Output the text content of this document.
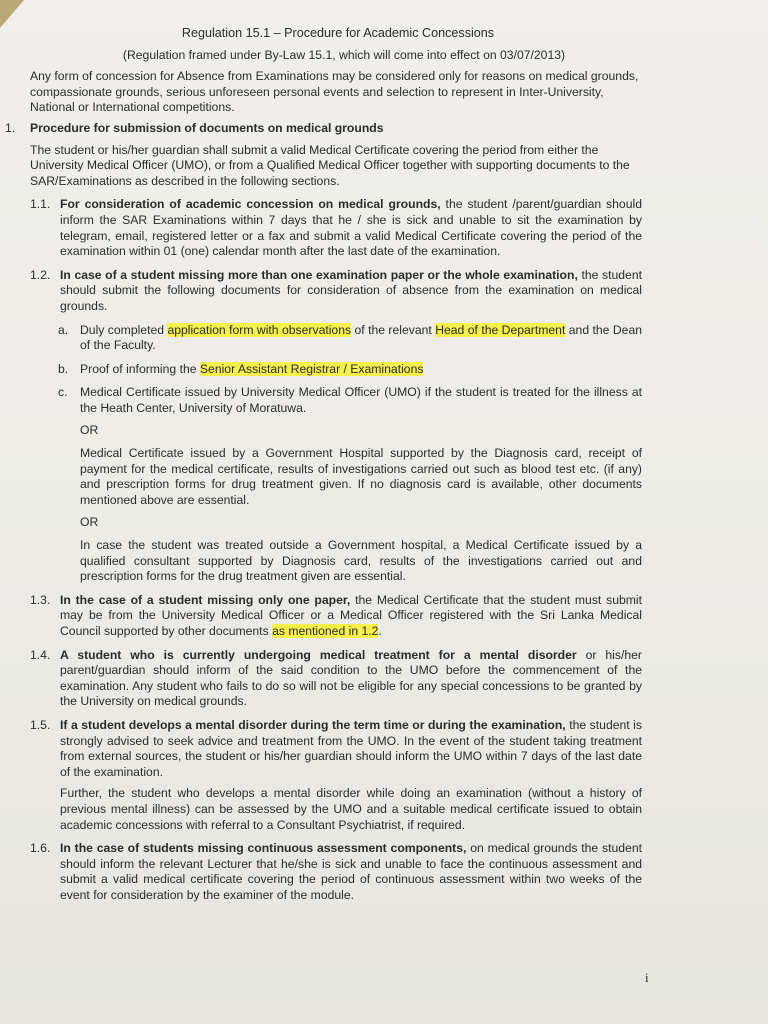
Regulation 15.1 – Procedure for Academic Concessions

(Regulation framed under By-Law 15.1, which will come into effect on 03/07/2013)

Any form of concession for Absence from Examinations may be considered only for reasons on medical grounds, compassionate grounds, serious unforeseen personal events and selection to represent in Inter-University, National or International competitions.

1. Procedure for submission of documents on medical grounds

The student or his/her guardian shall submit a valid Medical Certificate covering the period from either the University Medical Officer (UMO), or from a Qualified Medical Officer together with supporting documents to the SAR/Examinations as described in the following sections.

1.1. For consideration of academic concession on medical grounds, the student /parent/guardian should inform the SAR Examinations within 7 days that he / she is sick and unable to sit the examination by telegram, email, registered letter or a fax and submit a valid Medical Certificate covering the period of the examination within 01 (one) calendar month after the last date of the examination.

1.2. In case of a student missing more than one examination paper or the whole examination, the student should submit the following documents for consideration of absence from the examination on medical grounds.

a. Duly completed application form with observations of the relevant Head of the Department and the Dean of the Faculty.

b. Proof of informing the Senior Assistant Registrar / Examinations

c. Medical Certificate issued by University Medical Officer (UMO) if the student is treated for the illness at the Heath Center, University of Moratuwa.

OR

Medical Certificate issued by a Government Hospital supported by the Diagnosis card, receipt of payment for the medical certificate, results of investigations carried out such as blood test etc. (if any) and prescription forms for drug treatment given. If no diagnosis card is available, other documents mentioned above are essential.

OR

In case the student was treated outside a Government hospital, a Medical Certificate issued by a qualified consultant supported by Diagnosis card, results of the investigations carried out and prescription forms for the drug treatment given are essential.

1.3. In the case of a student missing only one paper, the Medical Certificate that the student must submit may be from the University Medical Officer or a Medical Officer registered with the Sri Lanka Medical Council supported by other documents as mentioned in 1.2.

1.4. A student who is currently undergoing medical treatment for a mental disorder or his/her parent/guardian should inform of the said condition to the UMO before the commencement of the examination. Any student who fails to do so will not be eligible for any special concessions to be granted by the University on medical grounds.

1.5. If a student develops a mental disorder during the term time or during the examination, the student is strongly advised to seek advice and treatment from the UMO. In the event of the student taking treatment from external sources, the student or his/her guardian should inform the UMO within 7 days of the last date of the examination.

Further, the student who develops a mental disorder while doing an examination (without a history of previous mental illness) can be assessed by the UMO and a suitable medical certificate issued to obtain academic concessions with referral to a Consultant Psychiatrist, if required.

1.6. In the case of students missing continuous assessment components, on medical grounds the student should inform the relevant Lecturer that he/she is sick and unable to face the continuous assessment and submit a valid medical certificate covering the period of continuous assessment within two weeks of the event for consideration by the examiner of the module.

i
